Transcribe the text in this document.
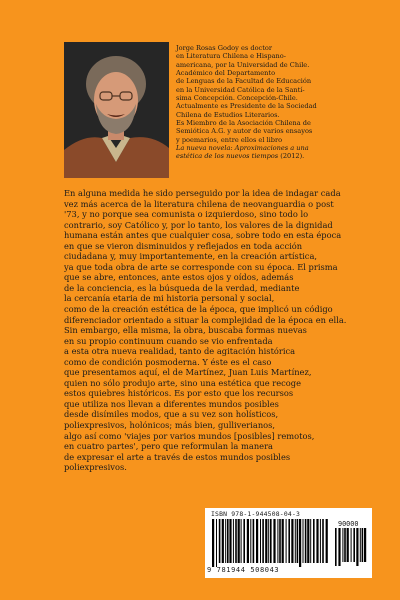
Jorge Rosas Godoy es doctor
en Literatura Chilena e Hispano-
americana, por la Universidad de Chile.
Académico del Departamento
de Lenguas de la Facultad de Educación
en la Universidad Católica de la Santí-
sima Concepción. Concepción-Chile.
Actualmente es Presidente de la Sociedad
Chilena de Estudios Literarios.
Es Miembro de la Asociación Chilena de
Semiótica A.G. y autor de varios ensayos
y poemarios, entre ellos el libro
La nueva novela: Aproximaciones a una
estética de los nuevos tiempos (2012).
En alguna medida he sido perseguido por la idea de indagar cada
vez más acerca de la literatura chilena de neovanguardia o post
'73, y no porque sea comunista o izquierdoso, sino todo lo
contrario, soy Católico y, por lo tanto, los valores de la dignidad
humana están antes que cualquier cosa, sobre todo en esta época
en que se vieron disminuidos y reflejados en toda acción
ciudadana y, muy importantemente, en la creación artística,
ya que toda obra de arte se corresponde con su época. El prisma
que se abre, entonces, ante estos ojos y oídos, además
de la conciencia, es la búsqueda de la verdad, mediante
la cercanía etaria de mi historia personal y social,
como de la creación estética de la época, que implicó un código
diferenciador orientado a situar la complejidad de la época en ella.
Sin embargo, ella misma, la obra, buscaba formas nuevas
en su propio continuum cuando se vio enfrentada
a esta otra nueva realidad, tanto de agitación histórica
como de condición posmoderna. Y éste es el caso
que presentamos aquí, el de Martínez, Juan Luis Martínez,
quien no sólo produjo arte, sino una estética que recoge
estos quiebres históricos. Es por esto que los recursos
que utiliza nos llevan a diferentes mundos posibles
desde disímiles modos, que a su vez son holísticos,
poliexpresivos, holónicos; más bien, gulliverianos,
algo así como 'viajes por varios mundos [posibles] remotos,
en cuatro partes', pero que reformulan la manera
de expresar el arte a través de estos mundos posibles
poliexpresivos.
ISBN 978-1-944508-04-3
90000
9 781944 508043
